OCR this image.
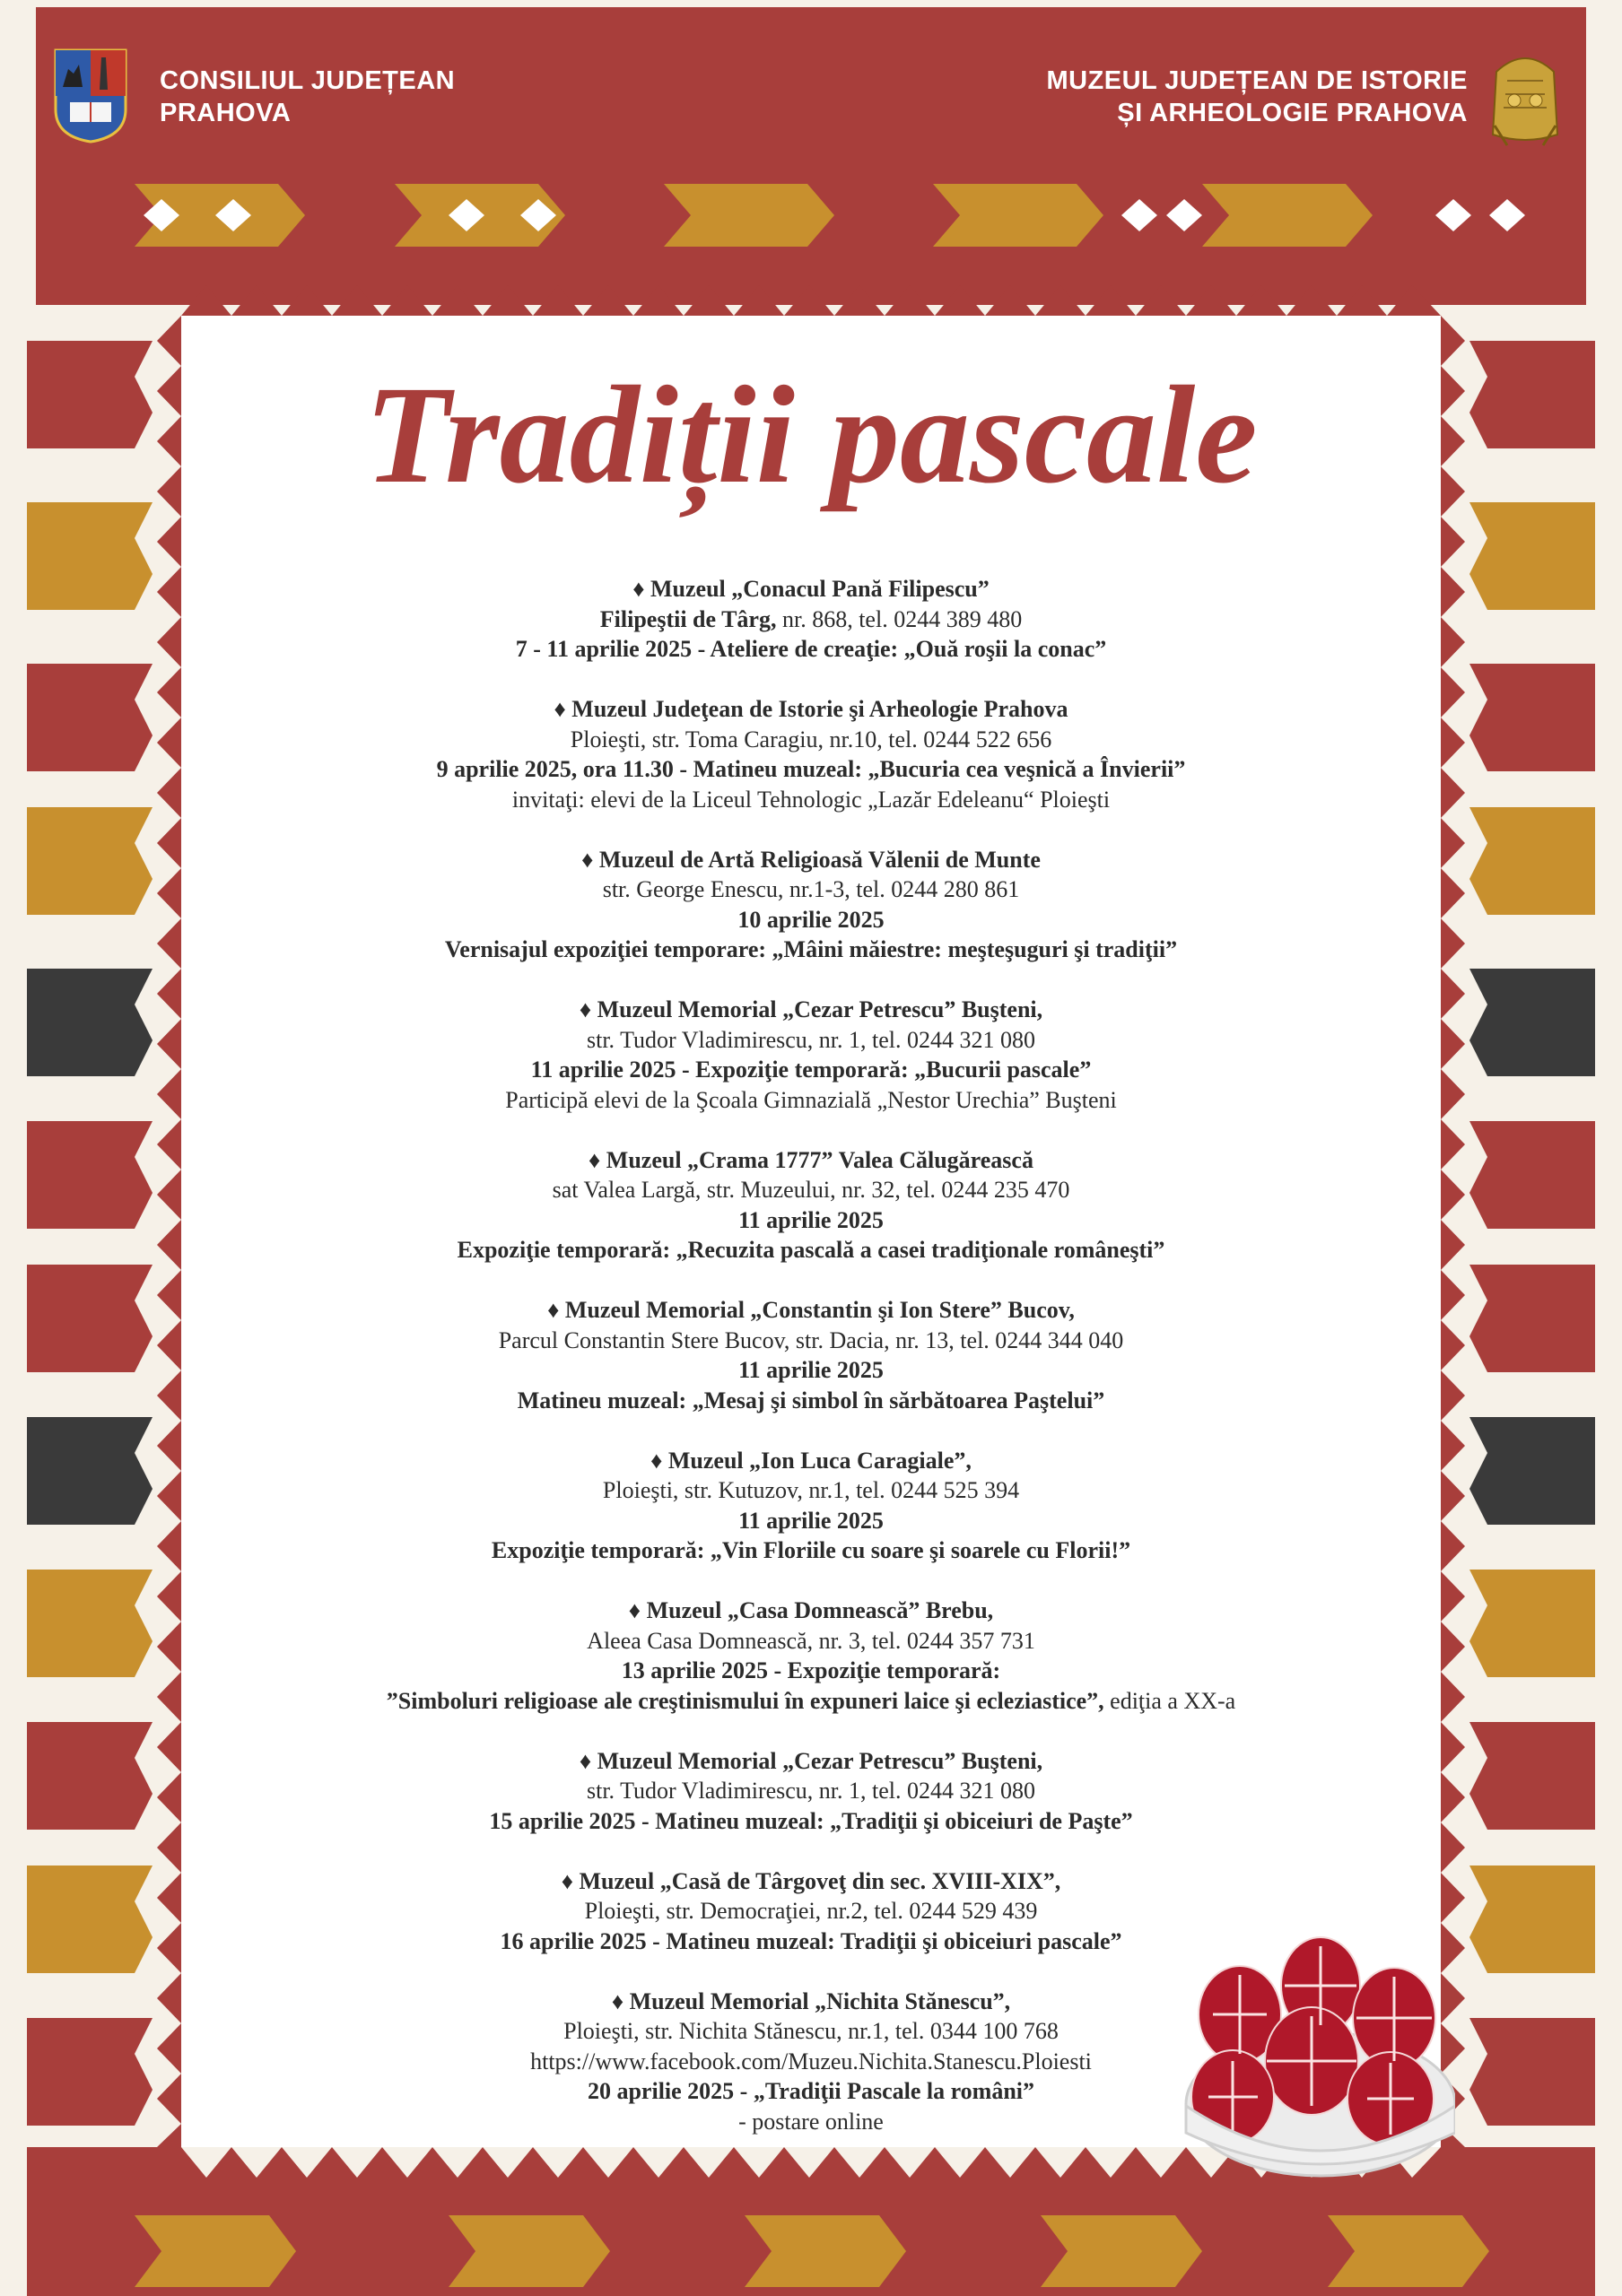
CONSILIUL JUDEȚEAN
PRAHOVA
MUZEUL JUDEȚEAN DE ISTORIE
ȘI ARHEOLOGIE PRAHOVA
Tradiții pascale
♦ Muzeul „Conacul Pană Filipescu”
Filipeştii de Târg, nr. 868, tel. 0244 389 480
7 - 11 aprilie 2025 - Ateliere de creaţie: „Ouă roşii la conac”
♦ Muzeul Judeţean de Istorie şi Arheologie Prahova
Ploieşti, str. Toma Caragiu, nr.10, tel. 0244 522 656
9 aprilie 2025, ora 11.30 - Matineu muzeal: „Bucuria cea veşnică a Învierii”
invitaţi: elevi de la Liceul Tehnologic „Lazăr Edeleanu“ Ploieşti
♦ Muzeul de Artă Religioasă Vălenii de Munte
str. George Enescu, nr.1-3, tel. 0244 280 861
10 aprilie 2025
Vernisajul expoziţiei temporare: „Mâini măiestre: meşteşuguri şi tradiţii”
♦ Muzeul Memorial „Cezar Petrescu” Buşteni,
str. Tudor Vladimirescu, nr. 1, tel. 0244 321 080
11 aprilie 2025 - Expoziţie temporară: „Bucurii pascale”
Participă elevi de la Şcoala Gimnazială „Nestor Urechia” Buşteni
♦ Muzeul „Crama 1777” Valea Călugărească
sat Valea Largă, str. Muzeului, nr. 32, tel. 0244 235 470
11 aprilie 2025
Expoziţie temporară: „Recuzita pascală a casei tradiţionale româneşti”
♦ Muzeul Memorial „Constantin şi Ion Stere” Bucov,
Parcul Constantin Stere Bucov, str. Dacia, nr. 13, tel. 0244 344 040
11 aprilie 2025
Matineu muzeal: „Mesaj şi simbol în sărbătoarea Paştelui”
♦ Muzeul „Ion Luca Caragiale”,
Ploieşti, str. Kutuzov, nr.1, tel. 0244 525 394
11 aprilie 2025
Expoziţie temporară: „Vin Floriile cu soare şi soarele cu Florii!”
♦ Muzeul „Casa Domnească” Brebu,
Aleea Casa Domnească, nr. 3, tel. 0244 357 731
13 aprilie 2025 - Expoziţie temporară:
”Simboluri religioase ale creştinismului în expuneri laice şi ecleziastice”, ediţia a XX-a
♦ Muzeul Memorial „Cezar Petrescu” Buşteni,
str. Tudor Vladimirescu, nr. 1, tel. 0244 321 080
15 aprilie 2025 - Matineu muzeal: „Tradiţii şi obiceiuri de Paşte”
♦ Muzeul „Casă de Târgoveţ din sec. XVIII-XIX”,
Ploieşti, str. Democraţiei, nr.2, tel. 0244 529 439
16 aprilie 2025 - Matineu muzeal: Tradiţii şi obiceiuri pascale”
♦ Muzeul Memorial „Nichita Stănescu”,
Ploieşti, str. Nichita Stănescu, nr.1, tel. 0344 100 768
https://www.facebook.com/Muzeu.Nichita.Stanescu.Ploiesti
20 aprilie 2025 - „Tradiţii Pascale la români”
- postare online
